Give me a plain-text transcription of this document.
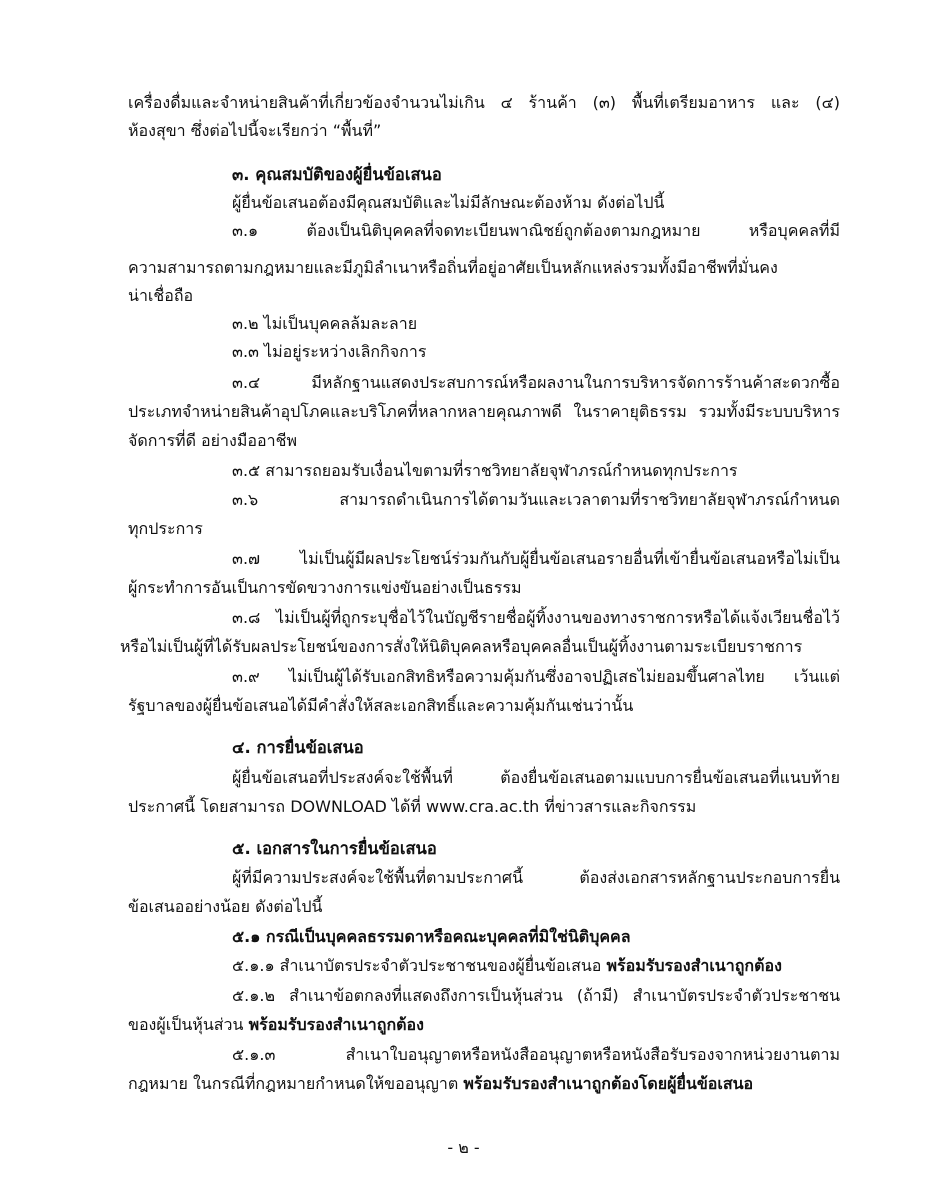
เครื่องดื่มและจำหน่ายสินค้าที่เกี่ยวข้องจำนวนไม่เกิน ๔ ร้านค้า (๓) พื้นที่เตรียมอาหาร และ (๔)
ห้องสุขา ซึ่งต่อไปนี้จะเรียกว่า “พื้นที่”
๓. คุณสมบัติของผู้ยื่นข้อเสนอ
ผู้ยื่นข้อเสนอต้องมีคุณสมบัติและไม่มีลักษณะต้องห้าม ดังต่อไปนี้
๓.๑ ต้องเป็นนิติบุคคลที่จดทะเบียนพาณิชย์ถูกต้องตามกฎหมาย หรือบุคคลที่มี
ความสามารถตามกฎหมายและมีภูมิลำเนาหรือถิ่นที่อยู่อาศัยเป็นหลักแหล่งรวมทั้งมีอาชีพที่มั่นคง
น่าเชื่อถือ
๓.๒ ไม่เป็นบุคคลล้มละลาย
๓.๓ ไม่อยู่ระหว่างเลิกกิจการ
๓.๔ มีหลักฐานแสดงประสบการณ์หรือผลงานในการบริหารจัดการร้านค้าสะดวกซื้อ
ประเภทจำหน่ายสินค้าอุปโภคและบริโภคที่หลากหลายคุณภาพดี ในราคายุติธรรม รวมทั้งมีระบบบริหาร
จัดการที่ดี อย่างมืออาชีพ
๓.๕ สามารถยอมรับเงื่อนไขตามที่ราชวิทยาลัยจุฬาภรณ์กำหนดทุกประการ
๓.๖ สามารถดำเนินการได้ตามวันและเวลาตามที่ราชวิทยาลัยจุฬาภรณ์กำหนด
ทุกประการ
๓.๗ ไม่เป็นผู้มีผลประโยชน์ร่วมกันกับผู้ยื่นข้อเสนอรายอื่นที่เข้ายื่นข้อเสนอหรือไม่เป็น
ผู้กระทำการอันเป็นการขัดขวางการแข่งขันอย่างเป็นธรรม
๓.๘ ไม่เป็นผู้ที่ถูกระบุชื่อไว้ในบัญชีรายชื่อผู้ทิ้งงานของทางราชการหรือได้แจ้งเวียนชื่อไว้
หรือไม่เป็นผู้ที่ได้รับผลประโยชน์ของการสั่งให้นิติบุคคลหรือบุคคลอื่นเป็นผู้ทิ้งงานตามระเบียบราชการ
๓.๙ ไม่เป็นผู้ได้รับเอกสิทธิหรือความคุ้มกันซึ่งอาจปฏิเสธไม่ยอมขึ้นศาลไทย เว้นแต่
รัฐบาลของผู้ยื่นข้อเสนอได้มีคำสั่งให้สละเอกสิทธิ์และความคุ้มกันเช่นว่านั้น
๔. การยื่นข้อเสนอ
ผู้ยื่นข้อเสนอที่ประสงค์จะใช้พื้นที่ ต้องยื่นข้อเสนอตามแบบการยื่นข้อเสนอที่แนบท้าย
ประกาศนี้ โดยสามารถ DOWNLOAD ได้ที่ www.cra.ac.th ที่ข่าวสารและกิจกรรม
๕. เอกสารในการยื่นข้อเสนอ
ผู้ที่มีความประสงค์จะใช้พื้นที่ตามประกาศนี้ ต้องส่งเอกสารหลักฐานประกอบการยื่น
ข้อเสนออย่างน้อย ดังต่อไปนี้
๕.๑ กรณีเป็นบุคคลธรรมดาหรือคณะบุคคลที่มิใช่นิติบุคคล
๕.๑.๑ สำเนาบัตรประจำตัวประชาชนของผู้ยื่นข้อเสนอ พร้อมรับรองสำเนาถูกต้อง
๕.๑.๒ สำเนาข้อตกลงที่แสดงถึงการเป็นหุ้นส่วน (ถ้ามี) สำเนาบัตรประจำตัวประชาชน
ของผู้เป็นหุ้นส่วน พร้อมรับรองสำเนาถูกต้อง
๕.๑.๓ สำเนาใบอนุญาตหรือหนังสืออนุญาตหรือหนังสือรับรองจากหน่วยงานตาม
กฎหมาย ในกรณีที่กฎหมายกำหนดให้ขออนุญาต พร้อมรับรองสำเนาถูกต้องโดยผู้ยื่นข้อเสนอ
- ๒ -
